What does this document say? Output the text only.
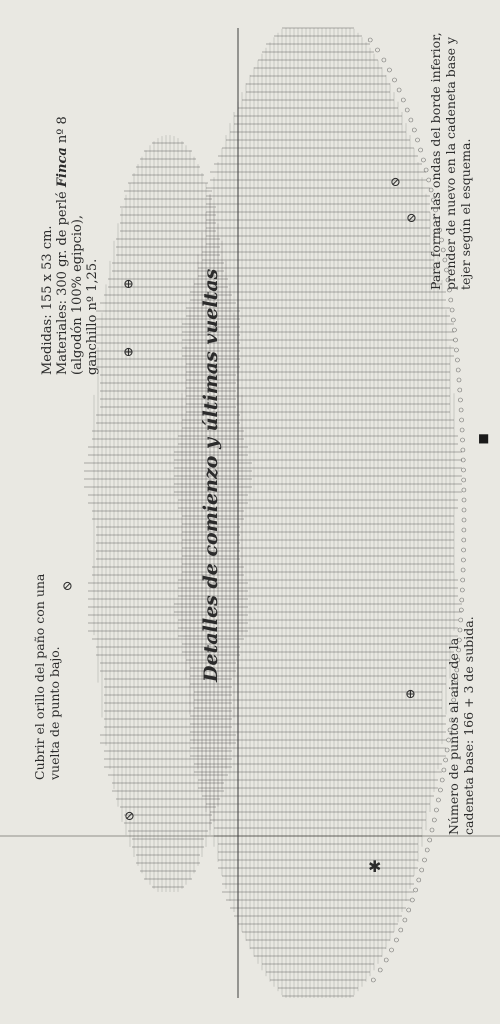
✱
⊘
⊘
⊘
⊘
⊕
⊕
⊕
■
Medidas: 155 x 53 cm. Materiales: 300 gr. de perlé Finca nº 8
(algodón 100% egipcio), ganchillo nº 1,25.	Detalles de comienzo y últimas vueltas
Cubrir el orillo del paño con una vuelta de punto bajo.	Número de puntos al aire de la cadeneta base: 166 + 3 de subida.
Para formar las ondas del borde inferior, prender de nuevo en la cadeneta base y tejer según el esquema.
